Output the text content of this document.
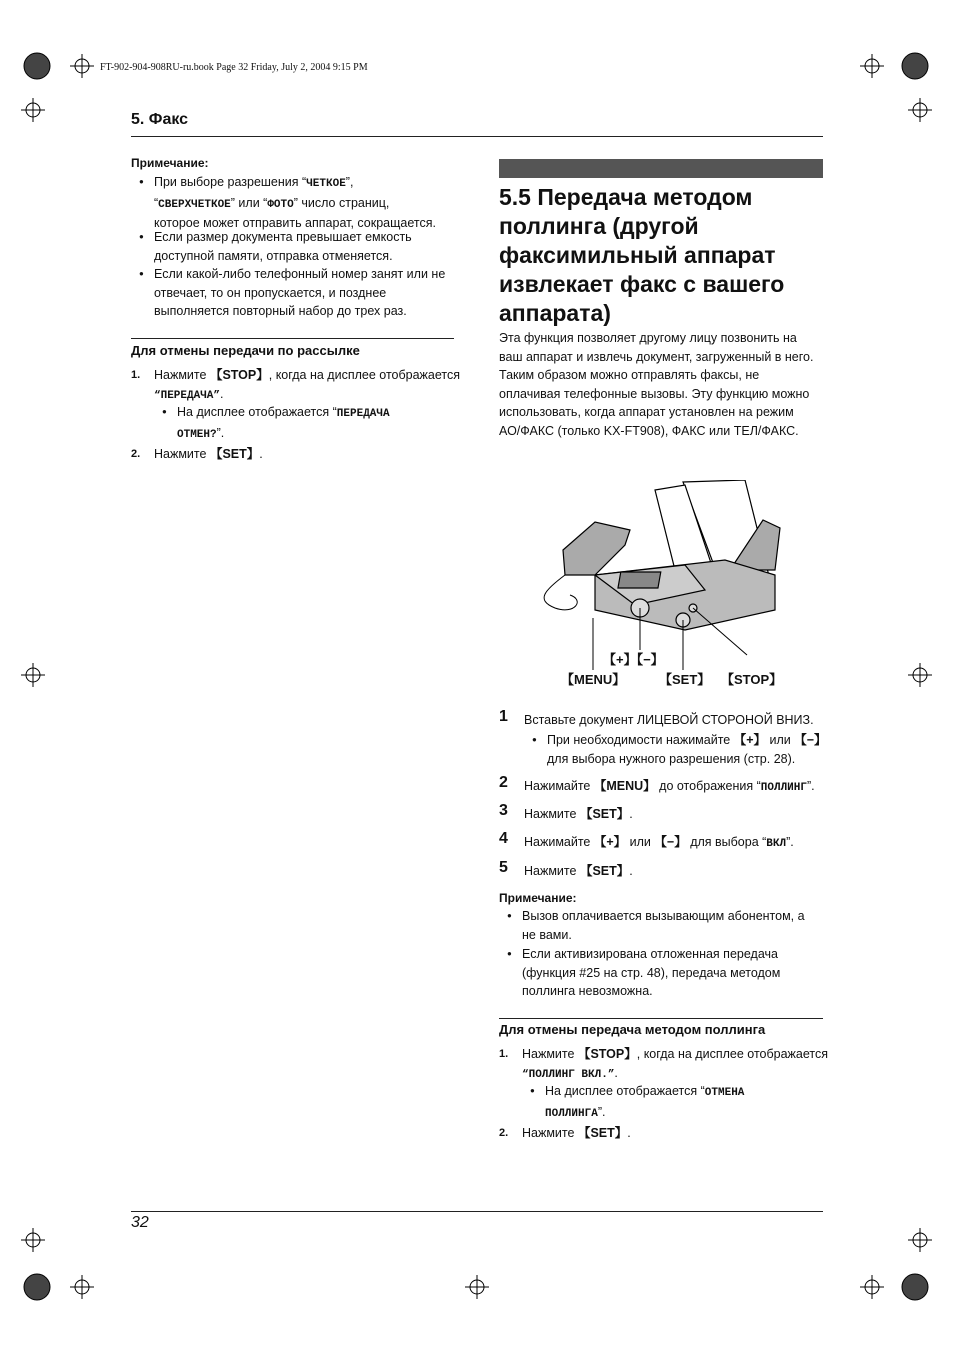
FT-902-904-908RU-ru.book Page 32 Friday, July 2, 2004 9:15 PM
5. Факс
Примечание:
● При выборе разрешения “ЧЕТКОЕ”,
“СВЕРХЧЕТКОЕ” или “ФОТО” число страниц,
которое может отправить аппарат, сокращается.
● Если размер документа превышает емкость
доступной памяти, отправка отменяется.
● Если какой-либо телефонный номер занят или не
отвечает, то он пропускается, и позднее
выполняется повторный набор до трех раз.
Для отмены передачи по рассылке
1. Нажмите 【STOP】, когда на дисплее отображается
“ПЕРЕДАЧА”.
● На дисплее отображается “ПЕРЕДАЧА
ОТМЕН?”.
2. Нажмите 【SET】.
5.5 Передача методом
поллинга (другой
факсимильный аппарат
извлекает факс с вашего
аппарата)
Эта функция позволяет другому лицу позвонить на
ваш аппарат и извлечь документ, загруженный в него.
Таким образом можно отправлять факсы, не
оплачивая телефонные вызовы. Эту функцию можно
использовать, когда аппарат установлен на режим
АО/ФАКС (только KX-FT908), ФАКС или ТЕЛ/ФАКС.
【+】【−】
【MENU】	【SET】 【STOP】
1 Вставьте документ ЛИЦЕВОЙ СТОРОНОЙ ВНИЗ.
● При необходимости нажимайте 【+】 или 【−】
для выбора нужного разрешения (стр. 28).
2 Нажимайте 【MENU】 до отображения “ПОЛЛИНГ”.
3 Нажмите 【SET】.
4 Нажимайте 【+】 или 【−】 для выбора “ВКЛ”.
5 Нажмите 【SET】.
Примечание:
● Вызов оплачивается вызывающим абонентом, а
не вами.
● Если активизирована отложенная передача
(функция #25 на стр. 48), передача методом
поллинга невозможна.
Для отмены передача методом поллинга
1. Нажмите 【STOP】, когда на дисплее отображается
“ПОЛЛИНГ ВКЛ.”.
● На дисплее отображается “ОТМЕНА
ПОЛЛИНГА”.
2. Нажмите 【SET】.
32
